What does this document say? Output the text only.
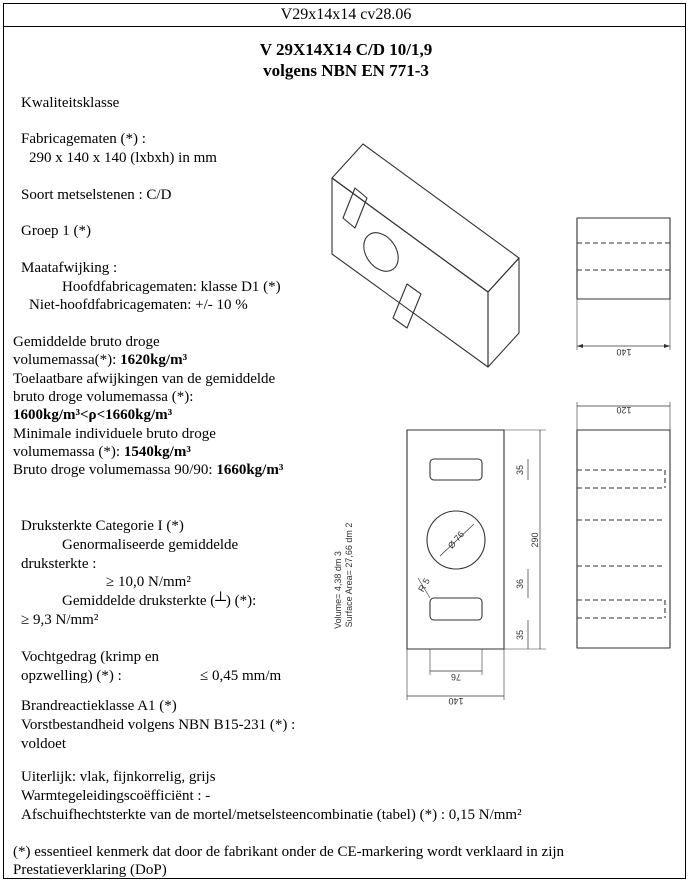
V29x14x14 cv28.06
V 29X14X14 C/D 10/1,9
volgens NBN EN 771-3
Kwaliteitsklasse
Fabricagematen (*) :
290 x 140 x 140 (lxbxh) in mm
Soort metselstenen : C/D
Groep 1 (*)
Maatafwijking :
Hoofdfabricagematen: klasse D1 (*)
Niet-hoofdfabricagematen: +/- 10 %
Gemiddelde bruto droge
volumemassa(*): 1620kg/m³
Toelaatbare afwijkingen van de gemiddelde
bruto droge volumemassa (*):
1600kg/m³<ρ<1660kg/m³
Minimale individuele bruto droge
volumemassa (*): 1540kg/m³
Bruto droge volumemassa 90/90: 1660kg/m³
Druksterkte Categorie I (*)
Genormaliseerde gemiddelde
druksterkte :
≥ 10,0 N/mm²
Gemiddelde druksterkte (┴) (*):
≥ 9,3 N/mm²
Vochtgedrag (krimp en
opzwelling) (*) :	≤ 0,45 mm/m
Brandreactieklasse A1 (*)
Vorstbestandheid volgens NBN B15-231 (*) :
voldoet
Uiterlijk: vlak, fijnkorrelig, grijs
Warmtegeleidingscoëfficiënt : -
Afschuifhechtsterkte van de mortel/metselsteencombinatie (tabel) (*) : 0,15 N/mm²
(*) essentieel kenmerk dat door de fabrikant onder de CE-markering wordt verklaard in zijn
Prestatieverklaring (DoP)
140
120
35
290
36
35
76
140
Ø 76
R 5
Volume= 4,38 dm 3 Surface Area= 27,66 dm 2
